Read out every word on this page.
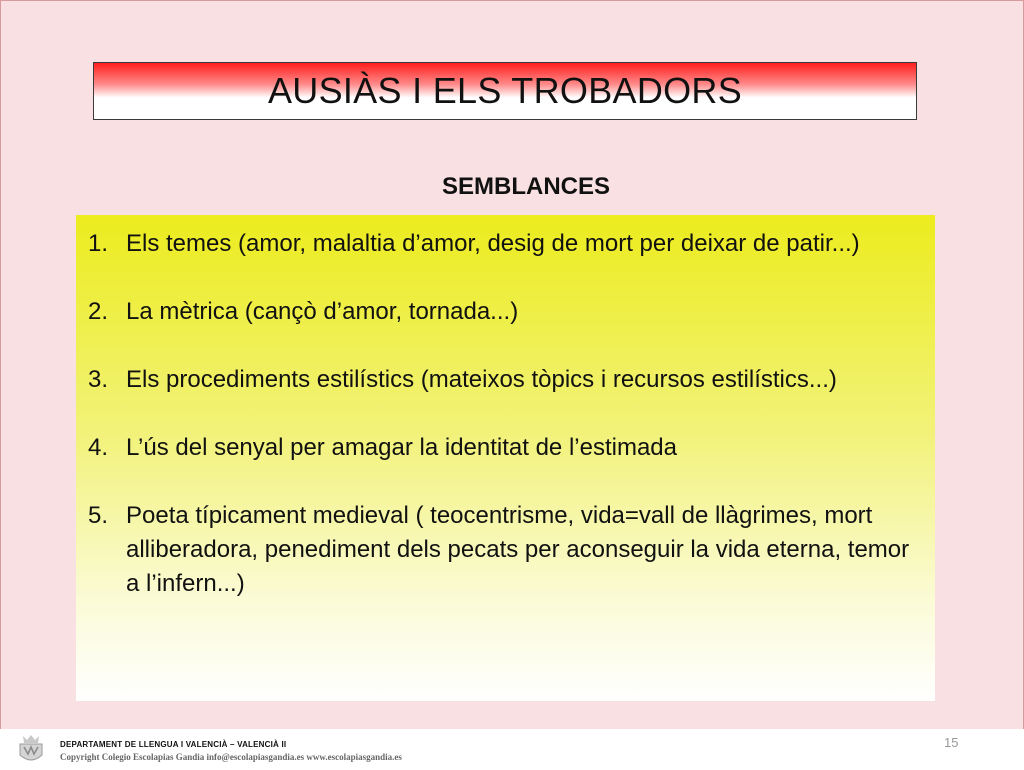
AUSIÀS I ELS TROBADORS
SEMBLANCES
1. Els temes (amor, malaltia d’amor, desig de mort per deixar de patir...)
2. La mètrica (cançò d’amor, tornada...)
3. Els procediments estilístics (mateixos tòpics i recursos estilístics...)
4. L’ús del senyal per amagar la identitat de l’estimada
5. Poeta típicament medieval ( teocentrisme, vida=vall de llàgrimes, mort alliberadora, penediment dels pecats per aconseguir la vida eterna, temor a l’infern...)
DEPARTAMENT DE LLENGUA I VALENCIÀ – VALENCIÀ II
Copyright Colegio Escolapias Gandia info@escolapiasgandia.es www.escolapiasgandia.es
15
